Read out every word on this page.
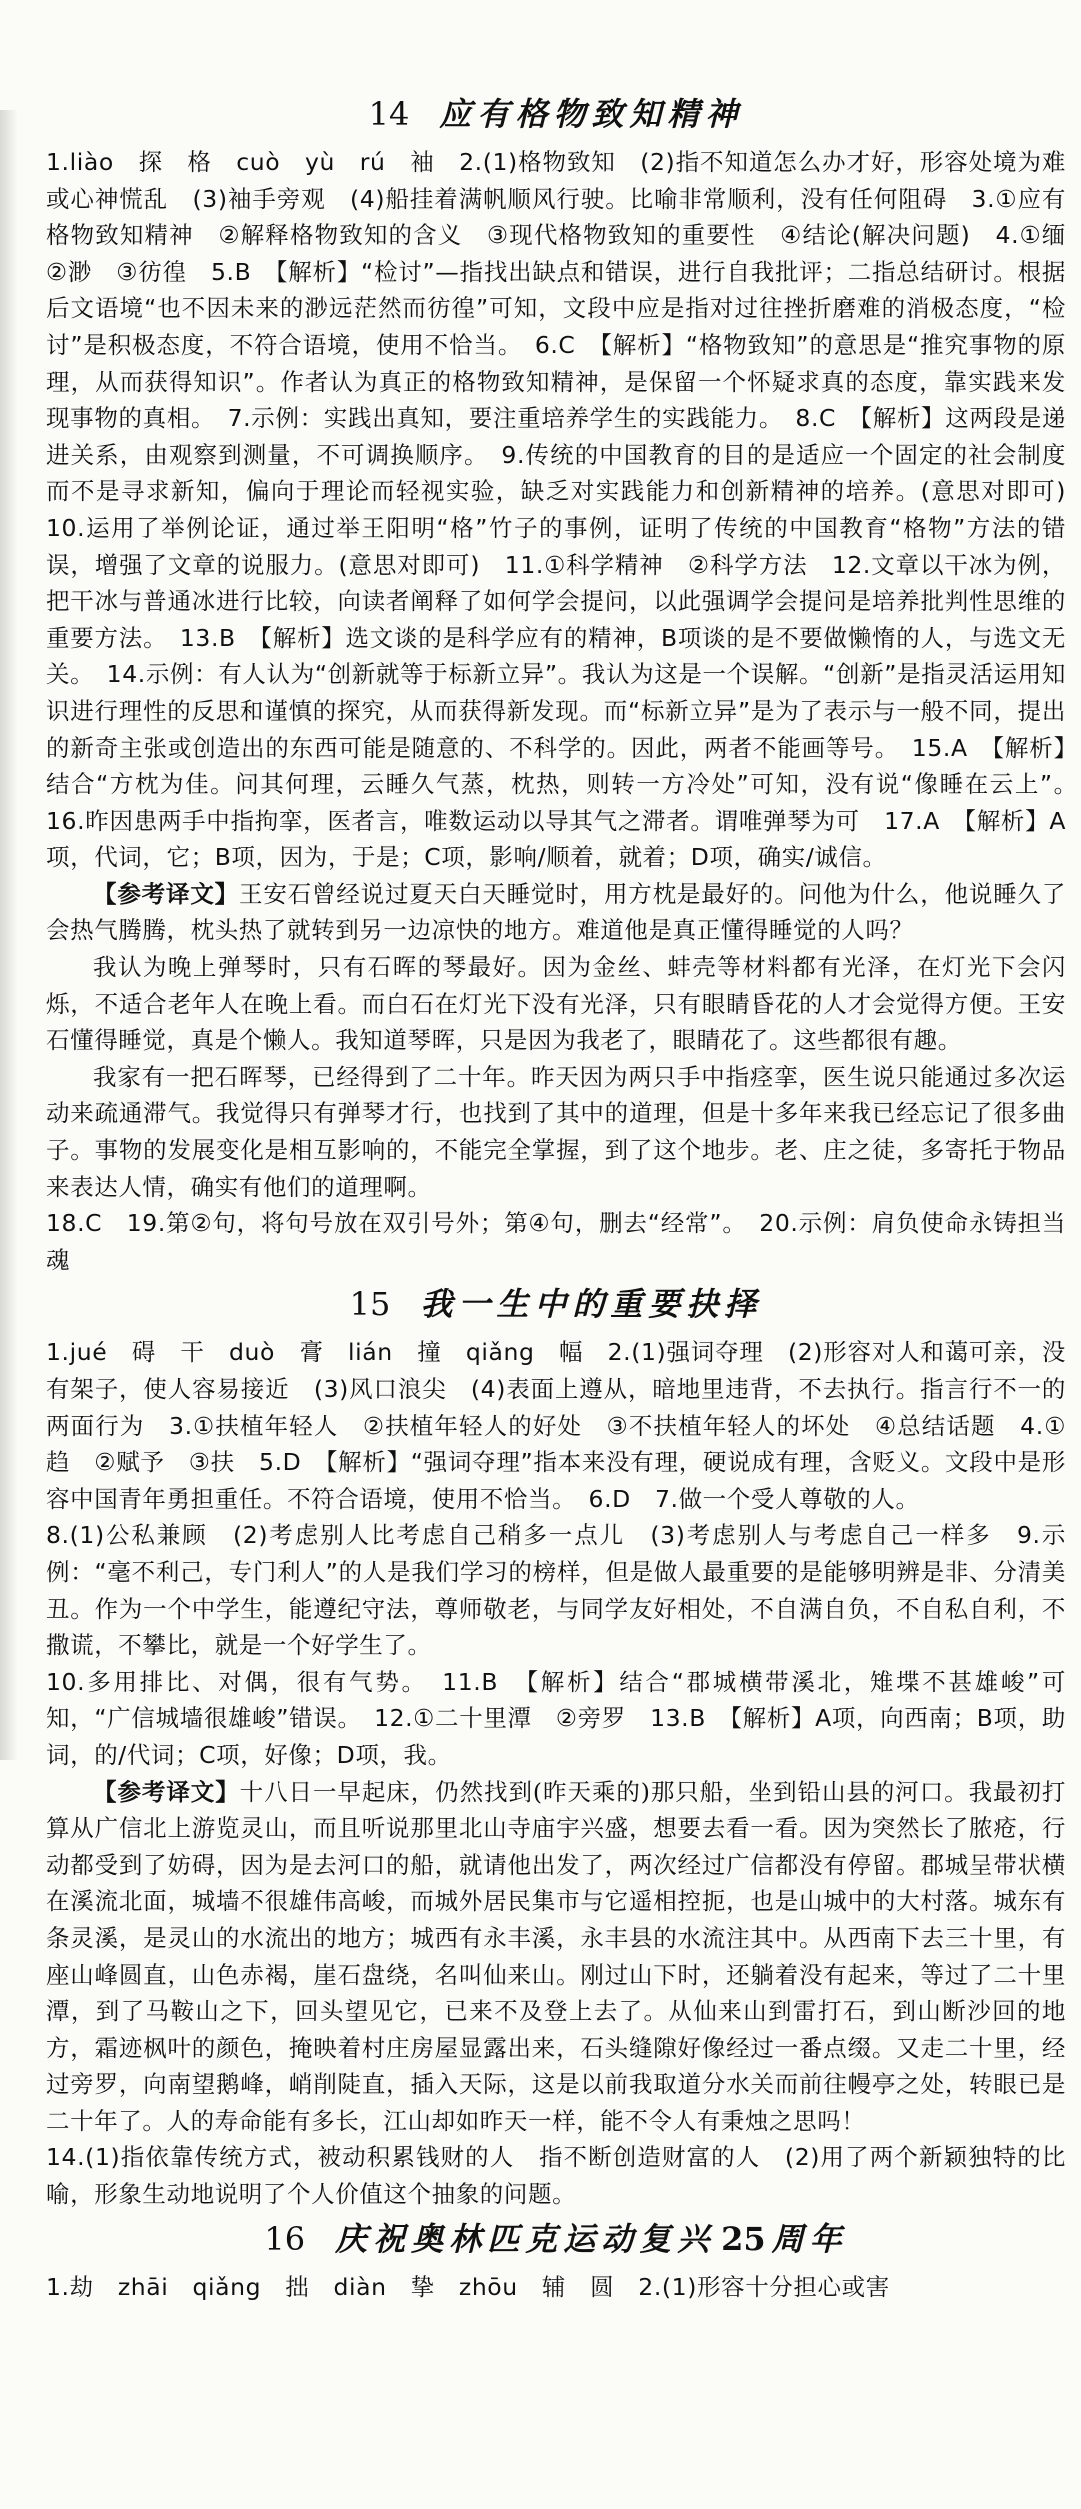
14 应有格物致知精神

1.liào　探　格　cuò　yù　rú　袖　2.(1)格物致知　(2)指不知道怎么办才好，形容处境为难或心神慌乱　(3)袖手旁观　(4)船挂着满帆顺风行驶。比喻非常顺利，没有任何阻碍　3.①应有格物致知精神　②解释格物致知的含义　③现代格物致知的重要性　④结论(解决问题)　4.①缅　②渺　③彷徨　5.B　【解析】“检讨”—指找出缺点和错误，进行自我批评；二指总结研讨。根据后文语境“也不因未来的渺远茫然而彷徨”可知，文段中应是指对过往挫折磨难的消极态度，“检讨”是积极态度，不符合语境，使用不恰当。　6.C　【解析】“格物致知”的意思是“推究事物的原理，从而获得知识”。作者认为真正的格物致知精神，是保留一个怀疑求真的态度，靠实践来发现事物的真相。　7.示例：实践出真知，要注重培养学生的实践能力。　8.C　【解析】这两段是递进关系，由观察到测量，不可调换顺序。　9.传统的中国教育的目的是适应一个固定的社会制度而不是寻求新知，偏向于理论而轻视实验，缺乏对实践能力和创新精神的培养。(意思对即可)　10.运用了举例论证，通过举王阳明“格”竹子的事例，证明了传统的中国教育“格物”方法的错误，增强了文章的说服力。(意思对即可)　11.①科学精神　②科学方法　12.文章以干冰为例，把干冰与普通冰进行比较，向读者阐释了如何学会提问，以此强调学会提问是培养批判性思维的重要方法。　13.B　【解析】选文谈的是科学应有的精神，B项谈的是不要做懒惰的人，与选文无关。　14.示例：有人认为“创新就等于标新立异”。我认为这是一个误解。“创新”是指灵活运用知识进行理性的反思和谨慎的探究，从而获得新发现。而“标新立异”是为了表示与一般不同，提出的新奇主张或创造出的东西可能是随意的、不科学的。因此，两者不能画等号。　15.A　【解析】结合“方枕为佳。问其何理，云睡久气蒸，枕热，则转一方冷处”可知，没有说“像睡在云上”。　16.昨因患两手中指拘挛，医者言，唯数运动以导其气之滞者。谓唯弹琴为可　17.A　【解析】A项，代词，它；B项，因为，于是；C项，影响/顺着，就着；D项，确实/诚信。

【参考译文】王安石曾经说过夏天白天睡觉时，用方枕是最好的。问他为什么，他说睡久了会热气腾腾，枕头热了就转到另一边凉快的地方。难道他是真正懂得睡觉的人吗？

我认为晚上弹琴时，只有石晖的琴最好。因为金丝、蚌壳等材料都有光泽，在灯光下会闪烁，不适合老年人在晚上看。而白石在灯光下没有光泽，只有眼睛昏花的人才会觉得方便。王安石懂得睡觉，真是个懒人。我知道琴晖，只是因为我老了，眼睛花了。这些都很有趣。

我家有一把石晖琴，已经得到了二十年。昨天因为两只手中指痉挛，医生说只能通过多次运动来疏通滞气。我觉得只有弹琴才行，也找到了其中的道理，但是十多年来我已经忘记了很多曲子。事物的发展变化是相互影响的，不能完全掌握，到了这个地步。老、庄之徒，多寄托于物品来表达人情，确实有他们的道理啊。

18.C　19.第②句，将句号放在双引号外；第④句，删去“经常”。　20.示例：肩负使命永铸担当魂

15 我一生中的重要抉择

1.jué　碍　干　duò　膏　lián　撞　qiǎng　幅　2.(1)强词夺理　(2)形容对人和蔼可亲，没有架子，使人容易接近　(3)风口浪尖　(4)表面上遵从，暗地里违背，不去执行。指言行不一的两面行为　3.①扶植年轻人　②扶植年轻人的好处　③不扶植年轻人的坏处　④总结话题　4.①趋　②赋予　③扶　5.D　【解析】“强词夺理”指本来没有理，硬说成有理，含贬义。文段中是形容中国青年勇担重任。不符合语境，使用不恰当。　6.D　7.做一个受人尊敬的人。

8.(1)公私兼顾　(2)考虑别人比考虑自己稍多一点儿　(3)考虑别人与考虑自己一样多　9.示例：“毫不利己，专门利人”的人是我们学习的榜样，但是做人最重要的是能够明辨是非、分清美丑。作为一个中学生，能遵纪守法，尊师敬老，与同学友好相处，不自满自负，不自私自利，不撒谎，不攀比，就是一个好学生了。

10.多用排比、对偶，很有气势。　11.B　【解析】结合“郡城横带溪北，雉堞不甚雄峻”可知，“广信城墙很雄峻”错误。　12.①二十里潭　②旁罗　13.B　【解析】A项，向西南；B项，助词，的/代词；C项，好像；D项，我。

【参考译文】十八日一早起床，仍然找到(昨天乘的)那只船，坐到铅山县的河口。我最初打算从广信北上游览灵山，而且听说那里北山寺庙宇兴盛，想要去看一看。因为突然长了脓疮，行动都受到了妨碍，因为是去河口的船，就请他出发了，两次经过广信都没有停留。郡城呈带状横在溪流北面，城墙不很雄伟高峻，而城外居民集市与它遥相控扼，也是山城中的大村落。城东有条灵溪，是灵山的水流出的地方；城西有永丰溪，永丰县的水流注其中。从西南下去三十里，有座山峰圆直，山色赤褐，崖石盘绕，名叫仙来山。刚过山下时，还躺着没有起来，等过了二十里潭，到了马鞍山之下，回头望见它，已来不及登上去了。从仙来山到雷打石，到山断沙回的地方，霜迹枫叶的颜色，掩映着村庄房屋显露出来，石头缝隙好像经过一番点缀。又走二十里，经过旁罗，向南望鹅峰，峭削陡直，插入天际，这是以前我取道分水关而前往幔亭之处，转眼已是二十年了。人的寿命能有多长，江山却如昨天一样，能不令人有秉烛之思吗！

14.(1)指依靠传统方式，被动积累钱财的人　指不断创造财富的人　(2)用了两个新颖独特的比喻，形象生动地说明了个人价值这个抽象的问题。

16 庆祝奥林匹克运动复兴 25 周年

1.劫　zhāi　qiǎng　拙　diàn　挚　zhōu　辅　圆　2.(1)形容十分担心或害
